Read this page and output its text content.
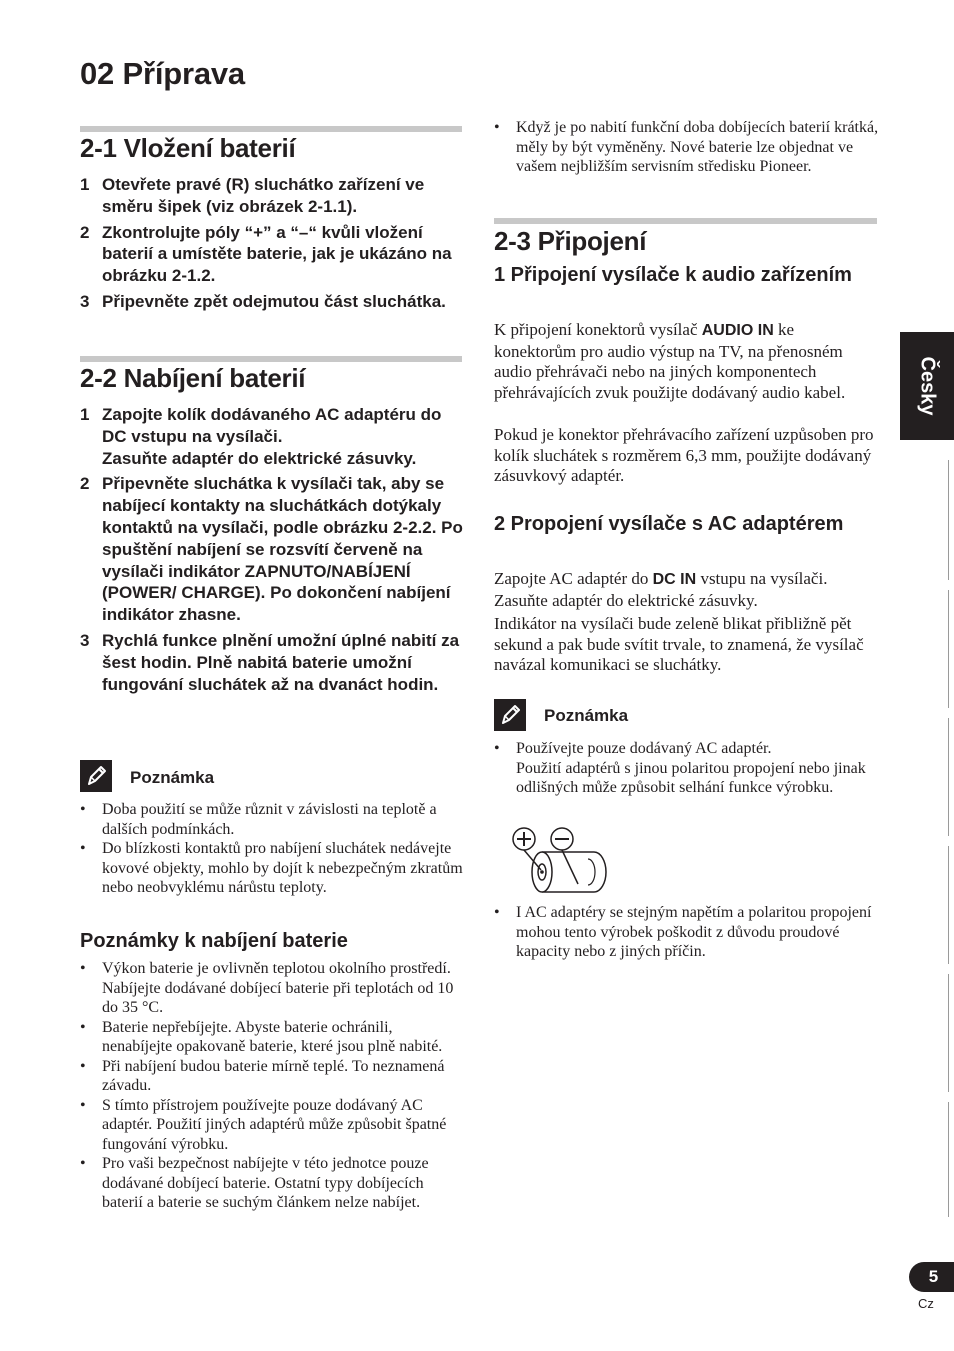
02 Příprava
2-1 Vložení baterií
1 Otevřete pravé (R) sluchátko zařízení ve směru šipek (viz obrázek 2-1.1).
2 Zkontrolujte póly “+” a “–“ kvůli vložení baterií a umístěte baterie, jak je ukázáno na obrázku 2-1.2.
3 Připevněte zpět odejmutou část sluchátka.
2-2 Nabíjení baterií
1 Zapojte kolík dodávaného AC adaptéru do DC vstupu na vysílači.
Zasuňte adaptér do elektrické zásuvky.
2 Připevněte sluchátka k vysílači tak, aby se nabíjecí kontakty na sluchátkách dotýkaly kontaktů na vysílači, podle obrázku 2-2.2. Po spuštění nabíjení se rozsvítí červeně na vysílači indikátor ZAPNUTO/NABÍJENÍ (POWER/ CHARGE). Po dokončení nabíjení indikátor zhasne.
3 Rychlá funkce plnění umožní úplné nabití za šest hodin. Plně nabitá baterie umožní fungování sluchátek až na dvanáct hodin.
Poznámka
• Doba použití se může různit v závislosti na teplotě a dalších podmínkách.
• Do blízkosti kontaktů pro nabíjení sluchátek nedávejte kovové objekty, mohlo by dojít k nebezpečným zkratům nebo neobvyklému nárůstu teploty.
Poznámky k nabíjení baterie
• Výkon baterie je ovlivněn teplotou okolního prostředí. Nabíjejte dodávané dobíjecí baterie při teplotách od 10 do 35 °C.
• Baterie nepřebíjejte. Abyste baterie ochránili, nenabíjejte opakovaně baterie, které jsou plně nabité.
• Při nabíjení budou baterie mírně teplé. To neznamená závadu.
• S tímto přístrojem používejte pouze dodávaný AC adaptér. Použití jiných adaptérů může způsobit špatné fungování výrobku.
• Pro vaši bezpečnost nabíjejte v této jednotce pouze dodávané dobíjecí baterie. Ostatní typy dobíjecích baterií a baterie se suchým článkem nelze nabíjet.
• Když je po nabití funkční doba dobíjecích baterií krátká, měly by být vyměněny. Nové baterie lze objednat ve vašem nejbližším servisním středisku Pioneer.
2-3 Připojení
1 Připojení vysílače k audio zařízením
K připojení konektorů vysílač AUDIO IN ke konektorům pro audio výstup na TV, na přenosném audio přehrávači nebo na jiných komponentech přehrávajících zvuk použijte dodávaný audio kabel.
Pokud je konektor přehrávacího zařízení uzpůsoben pro kolík sluchátek s rozměrem 6,3 mm, použijte dodávaný zásuvkový adaptér.
2 Propojení vysílače s AC adaptérem
Zapojte AC adaptér do DC IN vstupu na vysílači.
Zasuňte adaptér do elektrické zásuvky.
Indikátor na vysílači bude zeleně blikat přibližně pět sekund a pak bude svítit trvale, to znamená, že vysílač navázal komunikaci se sluchátky.
Poznámka
• Používejte pouze dodávaný AC adaptér.
Použití adaptérů s jinou polaritou propojení nebo jinak odlišných může způsobit selhání funkce výrobku.
• I AC adaptéry se stejným napětím a polaritou propojení mohou tento výrobek poškodit z důvodu proudové kapacity nebo z jiných příčin.
Česky
5
Cz
